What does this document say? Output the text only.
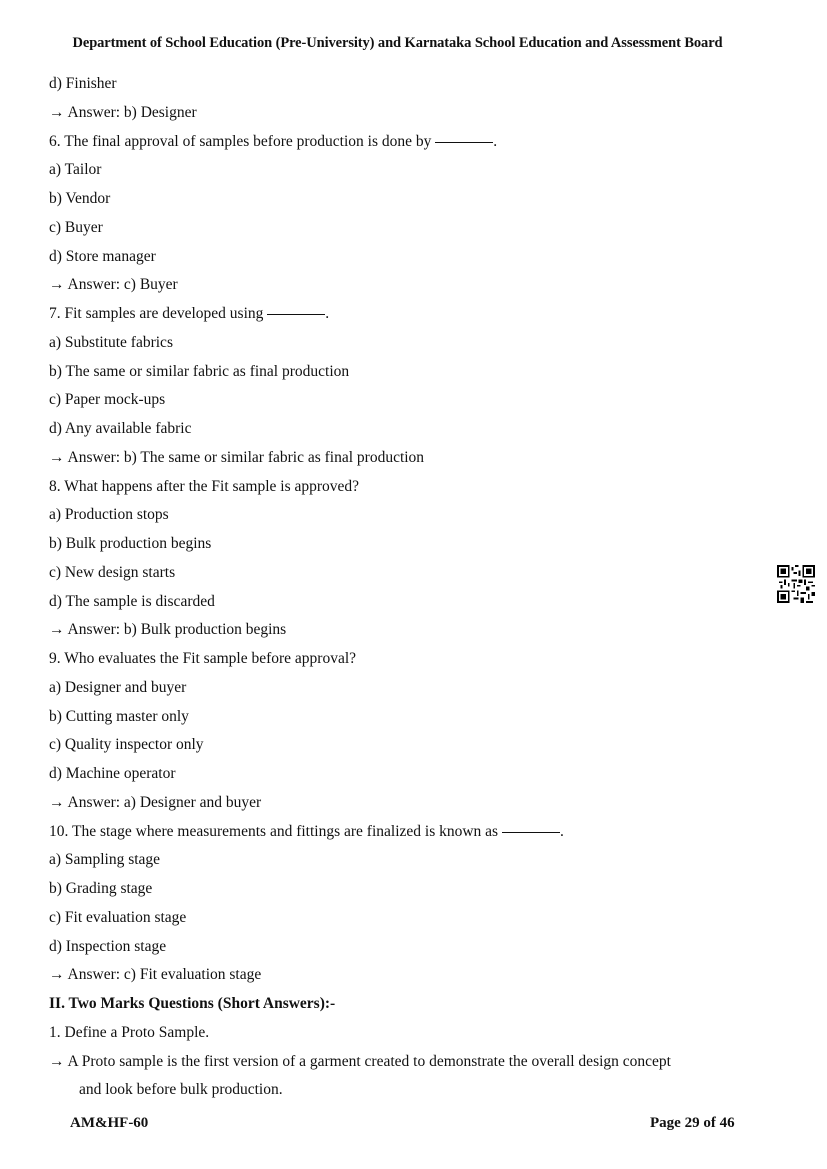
Department of School Education (Pre-University) and Karnataka School Education and Assessment Board
d) Finisher
→ Answer: b) Designer
6. The final approval of samples before production is done by	.
a) Tailor
b) Vendor
c) Buyer
d) Store manager
→ Answer: c) Buyer
7. Fit samples are developed using	.
a) Substitute fabrics
b) The same or similar fabric as final production
c) Paper mock-ups
d) Any available fabric
→ Answer: b) The same or similar fabric as final production
8. What happens after the Fit sample is approved?
a) Production stops
b) Bulk production begins
c) New design starts
d) The sample is discarded
→ Answer: b) Bulk production begins
9. Who evaluates the Fit sample before approval?
a) Designer and buyer
b) Cutting master only
c) Quality inspector only
d) Machine operator
→ Answer: a) Designer and buyer
10. The stage where measurements and fittings are finalized is known as	.
a) Sampling stage
b) Grading stage
c) Fit evaluation stage
d) Inspection stage
→ Answer: c) Fit evaluation stage
II. Two Marks Questions (Short Answers):-
1. Define a Proto Sample.
→ A Proto sample is the first version of a garment created to demonstrate the overall design concept
and look before bulk production.
AM&HF-60	Page 29 of 46
